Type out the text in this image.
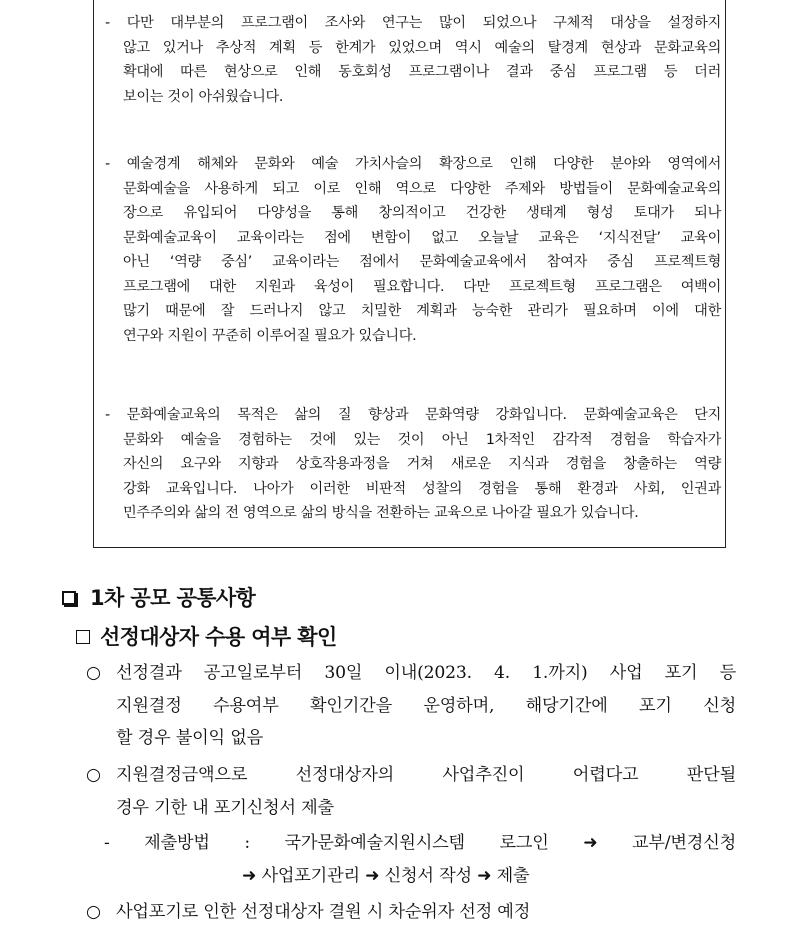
- 다만 대부분의 프로그램이 조사와 연구는 많이 되었으나 구체적 대상을 설정하지
않고 있거나 추상적 계획 등 한계가 있었으며 역시 예술의 탈경계 현상과 문화교육의
확대에 따른 현상으로 인해 동호회성 프로그램이나 결과 중심 프로그램 등 더러
보이는 것이 아쉬웠습니다.
- 예술경계 해체와 문화와 예술 가치사슬의 확장으로 인해 다양한 분야와 영역에서
문화예술을 사용하게 되고 이로 인해 역으로 다양한 주제와 방법들이 문화예술교육의
장으로 유입되어 다양성을 통해 창의적이고 건강한 생태계 형성 토대가 되나
문화예술교육이 교육이라는 점에 변함이 없고 오늘날 교육은 ‘지식전달’ 교육이
아닌 ‘역량 중심’ 교육이라는 점에서 문화예술교육에서 참여자 중심 프로젝트형
프로그램에 대한 지원과 육성이 필요합니다. 다만 프로젝트형 프로그램은 여백이
많기 때문에 잘 드러나지 않고 치밀한 계획과 능숙한 관리가 필요하며 이에 대한
연구와 지원이 꾸준히 이루어질 필요가 있습니다.
- 문화예술교육의 목적은 삶의 질 향상과 문화역량 강화입니다. 문화예술교육은 단지
문화와 예술을 경험하는 것에 있는 것이 아닌 1차적인 감각적 경험을 학습자가
자신의 요구와 지향과 상호작용과정을 거쳐 새로운 지식과 경험을 창출하는 역량
강화 교육입니다. 나아가 이러한 비판적 성찰의 경험을 통해 환경과 사회, 인권과
민주주의와 삶의 전 영역으로 삶의 방식을 전환하는 교육으로 나아갈 필요가 있습니다.
1차 공모 공통사항
선정대상자 수용 여부 확인
○ 선정결과 공고일로부터 30일 이내(2023. 4. 1.까지) 사업 포기 등
지원결정 수용여부 확인기간을 운영하며, 해당기간에 포기 신청
할 경우 불이익 없음
○ 지원결정금액으로 선정대상자의 사업추진이 어렵다고 판단될
경우 기한 내 포기신청서 제출
- 제출방법 : 국가문화예술지원시스템 로그인 ➜ 교부/변경신청
➜ 사업포기관리 ➜ 신청서 작성 ➜ 제출
○ 사업포기로 인한 선정대상자 결원 시 차순위자 선정 예정
